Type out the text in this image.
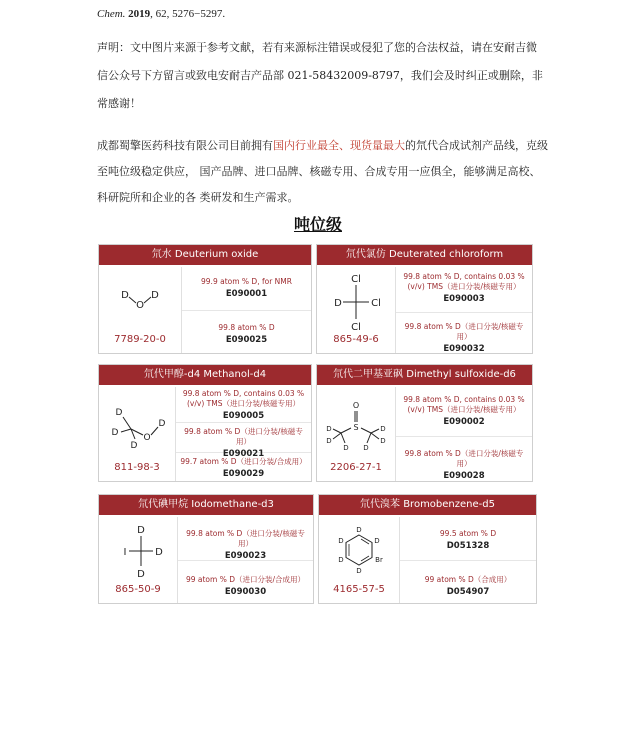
Chem. 2019, 62, 5276−5297.
声明：文中图片来源于参考文献，若有来源标注错误或侵犯了您的合法权益，请在安耐吉微信公众号下方留言或致电安耐吉产品部 021-58432009-8797，我们会及时纠正或删除，非常感谢！
成都蜀擎医药科技有限公司目前拥有国内行业最全、现货量最大的氘代合成试剂产品线，克级至吨位级稳定供应， 国产品牌、进口品牌、核磁专用、合成专用一应俱全，能够满足高校、科研院所和企业的各 类研发和生产需求。
吨位级
氘水 Deuterium oxide
D
O
D
7789-20-0
99.9 atom % D, for NMR
E090001
99.8 atom % D
E090025
氘代氯仿 Deuterated chloroform
Cl
D	Cl
Cl
865-49-6
99.8 atom % D, contains 0.03 % (v/v) TMS（进口分装/核磁专用）
E090003
99.8 atom % D（进口分装/核磁专用）
E090032
氘代甲醇-d4 Methanol-d4
D
D
D
O
D
811-98-3
99.8 atom % D, contains 0.03 % (v/v) TMS（进口分装/核磁专用）
E090005
99.8 atom % D（进口分装/核磁专用）
E090021
99.7 atom % D（进口分装/合成用）
E090029
氘代二甲基亚砜 Dimethyl sulfoxide-d6
O
S
D
D
D
D
D
D
2206-27-1
99.8 atom % D, contains 0.03 % (v/v) TMS（进口分装/核磁专用）
E090002
99.8 atom % D（进口分装/核磁专用）
E090028
氘代碘甲烷 Iodomethane-d3
D
I	D
D
865-50-9
99.8 atom % D（进口分装/核磁专用）
E090023
99 atom % D（进口分装/合成用）
E090030
氘代溴苯 Bromobenzene-d5
D
D
D
D
D
Br
4165-57-5
99.5 atom % D
D051328
99 atom % D（合成用）
D054907
